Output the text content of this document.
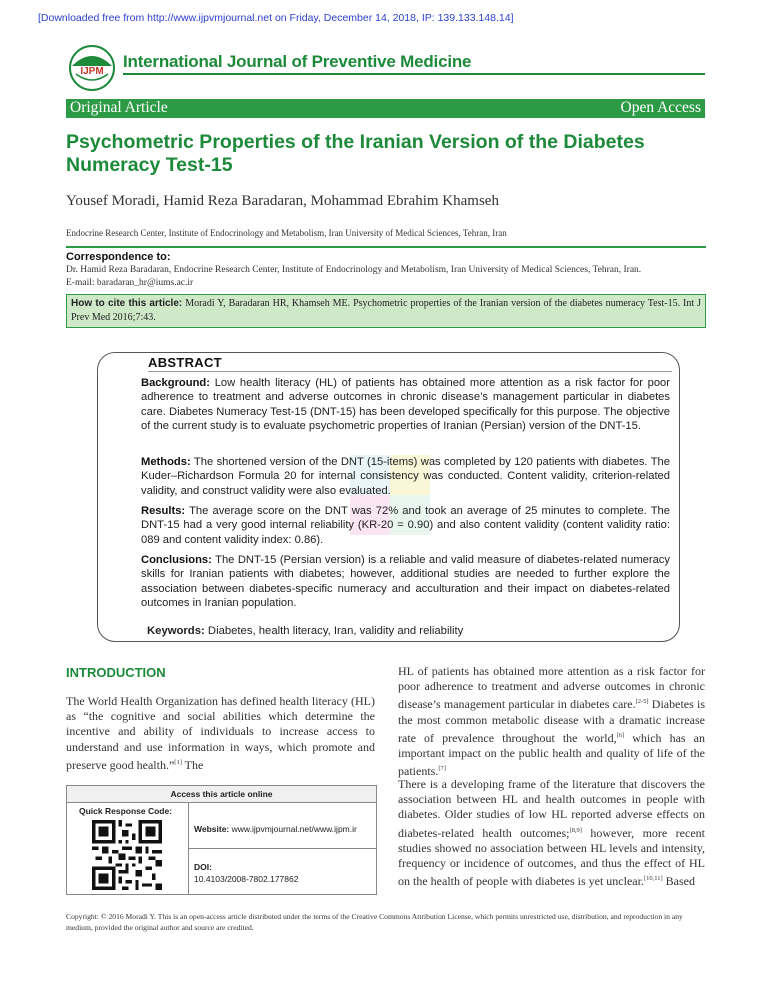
[Downloaded free from http://www.ijpvmjournal.net on Friday, December 14, 2018, IP: 139.133.148.14]
IJPM
International Journal of Preventive Medicine
Original Article	Open Access
Psychometric Properties of the Iranian Version of the Diabetes
Numeracy Test-15
Yousef Moradi, Hamid Reza Baradaran, Mohammad Ebrahim Khamseh
Endocrine Research Center, Institute of Endocrinology and Metabolism, Iran University of Medical Sciences, Tehran, Iran
Correspondence to:
Dr. Hamid Reza Baradaran, Endocrine Research Center, Institute of Endocrinology and Metabolism, Iran University of Medical Sciences, Tehran, Iran.
E-mail: baradaran_hr@iums.ac.ir
How to cite this article: Moradi Y, Baradaran HR, Khamseh ME. Psychometric properties of the Iranian version of the diabetes numeracy Test-15. Int J Prev Med 2016;7:43.
ABSTRACT

Background: Low health literacy (HL) of patients has obtained more attention as a risk factor for poor adherence to treatment and adverse outcomes in chronic disease’s management particular in diabetes care. Diabetes Numeracy Test-15 (DNT-15) has been developed specifically for this purpose. The objective of the current study is to evaluate psychometric properties of Iranian (Persian) version of the DNT-15.

Methods: The shortened version of the DNT (15-items) was completed by 120 patients with diabetes. The Kuder–Richardson Formula 20 for internal consistency was conducted. Content validity, criterion-related validity, and construct validity were also evaluated.

Results: The average score on the DNT was 72% and took an average of 25 minutes to complete. The DNT-15 had a very good internal reliability (KR-20 = 0.90) and also content validity (content validity ratio: 089 and content validity index: 0.86).

Conclusions: The DNT-15 (Persian version) is a reliable and valid measure of diabetes-related numeracy skills for Iranian patients with diabetes; however, additional studies are needed to further explore the association between diabetes-specific numeracy and acculturation and their impact on diabetes-related outcomes in Iranian population.

Keywords: Diabetes, health literacy, Iran, validity and reliability
INTRODUCTION

The World Health Organization has defined health literacy (HL) as “the cognitive and social abilities which determine the incentive and ability of individuals to increase access to understand and use information in ways, which promote and preserve good health.”[1] The

HL of patients has obtained more attention as a risk factor for poor adherence to treatment and adverse outcomes in chronic disease’s management particular in diabetes care.[2-5] Diabetes is the most common metabolic disease with a dramatic increase rate of prevalence throughout the world,[6] which has an important impact on the public health and quality of life of the patients.[7]

There is a developing frame of the literature that discovers the association between HL and health outcomes in people with diabetes. Older studies of low HL reported adverse effects on diabetes-related health outcomes;[8,9] however, more recent studies showed no association between HL levels and intensity, frequency or incidence of outcomes, and thus the effect of HL on the health of people with diabetes is yet unclear.[10,11] Based

Access this article online
Quick Response Code:
Website: www.ijpvmjournal.net/www.ijpm.ir
DOI:
10.4103/2008-7802.177862
Copyright: © 2016 Moradi Y. This is an open-access article distributed under the terms of the Creative Commons Attribution License, which permits unrestricted use, distribution, and reproduction in any medium, provided the original author and source are credited.
